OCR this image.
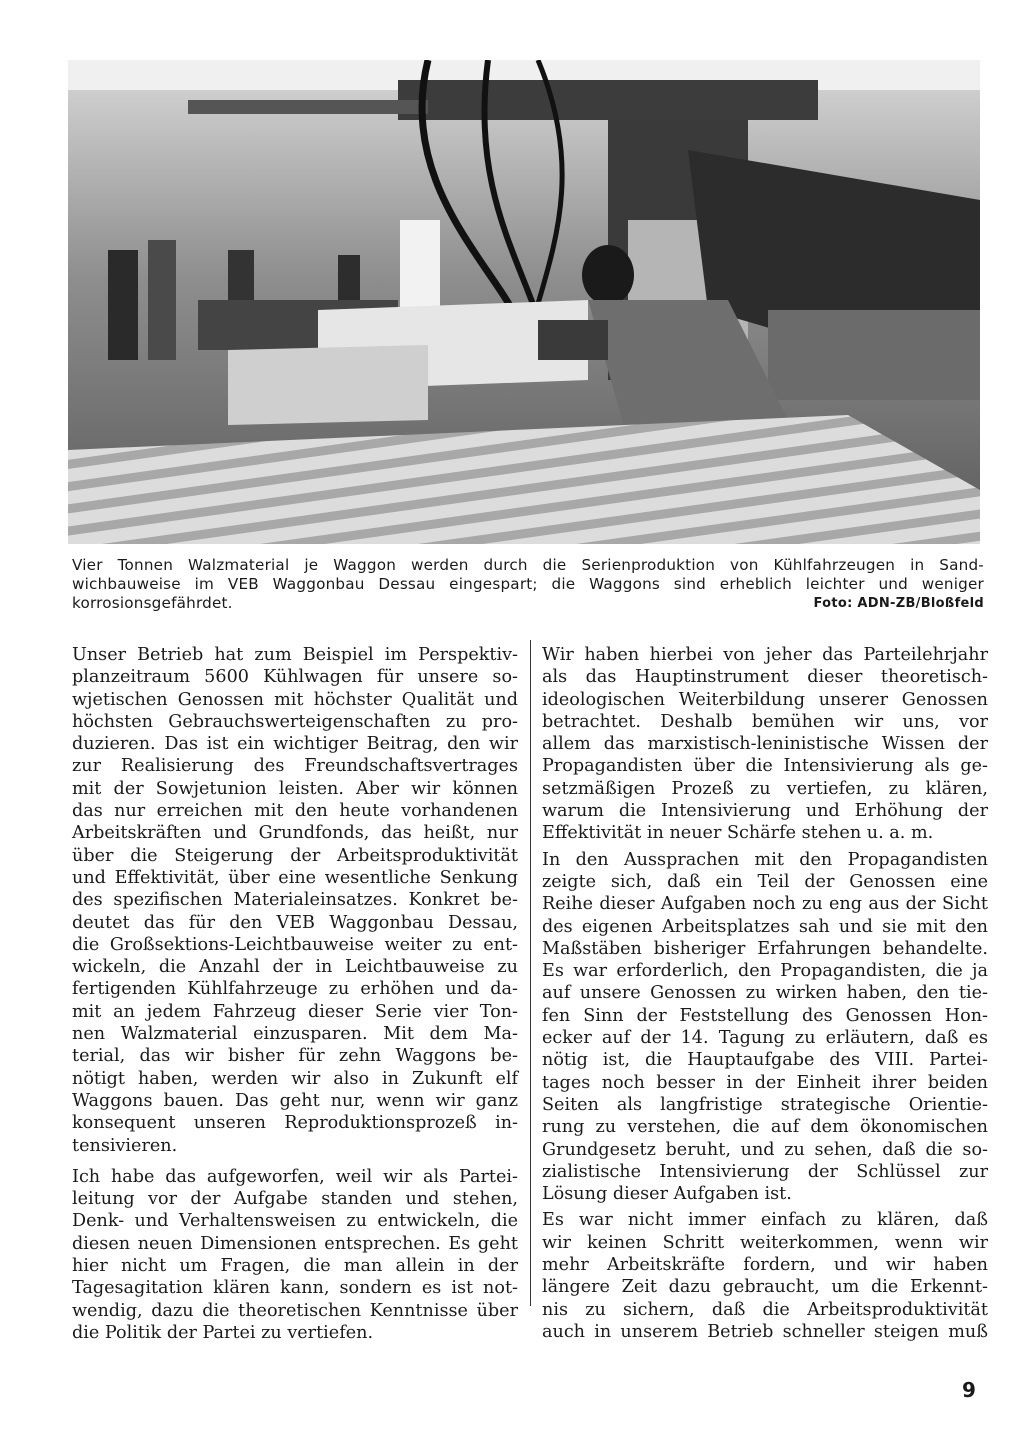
Vier Tonnen Walzmaterial je Waggon werden durch die Serienproduktion von Kühlfahrzeugen in Sand-
wichbauweise im VEB Waggonbau Dessau eingespart; die Waggons sind erheblich leichter und weniger
korrosionsgefährdet.	Foto: ADN-ZB/Bloßfeld
Unser Betrieb hat zum Beispiel im Perspektiv-
planzeitraum 5600 Kühlwagen für unsere so-
wjetischen Genossen mit höchster Qualität und
höchsten Gebrauchswerteigenschaften zu pro-
duzieren. Das ist ein wichtiger Beitrag, den wir
zur Realisierung des Freundschaftsvertrages
mit der Sowjetunion leisten. Aber wir können
das nur erreichen mit den heute vorhandenen
Arbeitskräften und Grundfonds, das heißt, nur
über die Steigerung der Arbeitsproduktivität
und Effektivität, über eine wesentliche Senkung
des spezifischen Materialeinsatzes. Konkret be-
deutet das für den VEB Waggonbau Dessau,
die Großsektions-Leichtbauweise weiter zu ent-
wickeln, die Anzahl der in Leichtbauweise zu
fertigenden Kühlfahrzeuge zu erhöhen und da-
mit an jedem Fahrzeug dieser Serie vier Ton-
nen Walzmaterial einzusparen. Mit dem Ma-
terial, das wir bisher für zehn Waggons be-
nötigt haben, werden wir also in Zukunft elf
Waggons bauen. Das geht nur, wenn wir ganz
konsequent unseren Reproduktionsprozeß in-
tensivieren.
Ich habe das aufgeworfen, weil wir als Partei-
leitung vor der Aufgabe standen und stehen,
Denk- und Verhaltensweisen zu entwickeln, die
diesen neuen Dimensionen entsprechen. Es geht
hier nicht um Fragen, die man allein in der
Tagesagitation klären kann, sondern es ist not-
wendig, dazu die theoretischen Kenntnisse über
die Politik der Partei zu vertiefen.
Wir haben hierbei von jeher das Parteilehrjahr
als das Hauptinstrument dieser theoretisch-
ideologischen Weiterbildung unserer Genossen
betrachtet. Deshalb bemühen wir uns, vor
allem das marxistisch-leninistische Wissen der
Propagandisten über die Intensivierung als ge-
setzmäßigen Prozeß zu vertiefen, zu klären,
warum die Intensivierung und Erhöhung der
Effektivität in neuer Schärfe stehen u. a. m.
In den Aussprachen mit den Propagandisten
zeigte sich, daß ein Teil der Genossen eine
Reihe dieser Aufgaben noch zu eng aus der Sicht
des eigenen Arbeitsplatzes sah und sie mit den
Maßstäben bisheriger Erfahrungen behandelte.
Es war erforderlich, den Propagandisten, die ja
auf unsere Genossen zu wirken haben, den tie-
fen Sinn der Feststellung des Genossen Hon-
ecker auf der 14. Tagung zu erläutern, daß es
nötig ist, die Hauptaufgabe des VIII. Partei-
tages noch besser in der Einheit ihrer beiden
Seiten als langfristige strategische Orientie-
rung zu verstehen, die auf dem ökonomischen
Grundgesetz beruht, und zu sehen, daß die so-
zialistische Intensivierung der Schlüssel zur
Lösung dieser Aufgaben ist.
Es war nicht immer einfach zu klären, daß
wir keinen Schritt weiterkommen, wenn wir
mehr Arbeitskräfte fordern, und wir haben
längere Zeit dazu gebraucht, um die Erkennt-
nis zu sichern, daß die Arbeitsproduktivität
auch in unserem Betrieb schneller steigen muß
9
